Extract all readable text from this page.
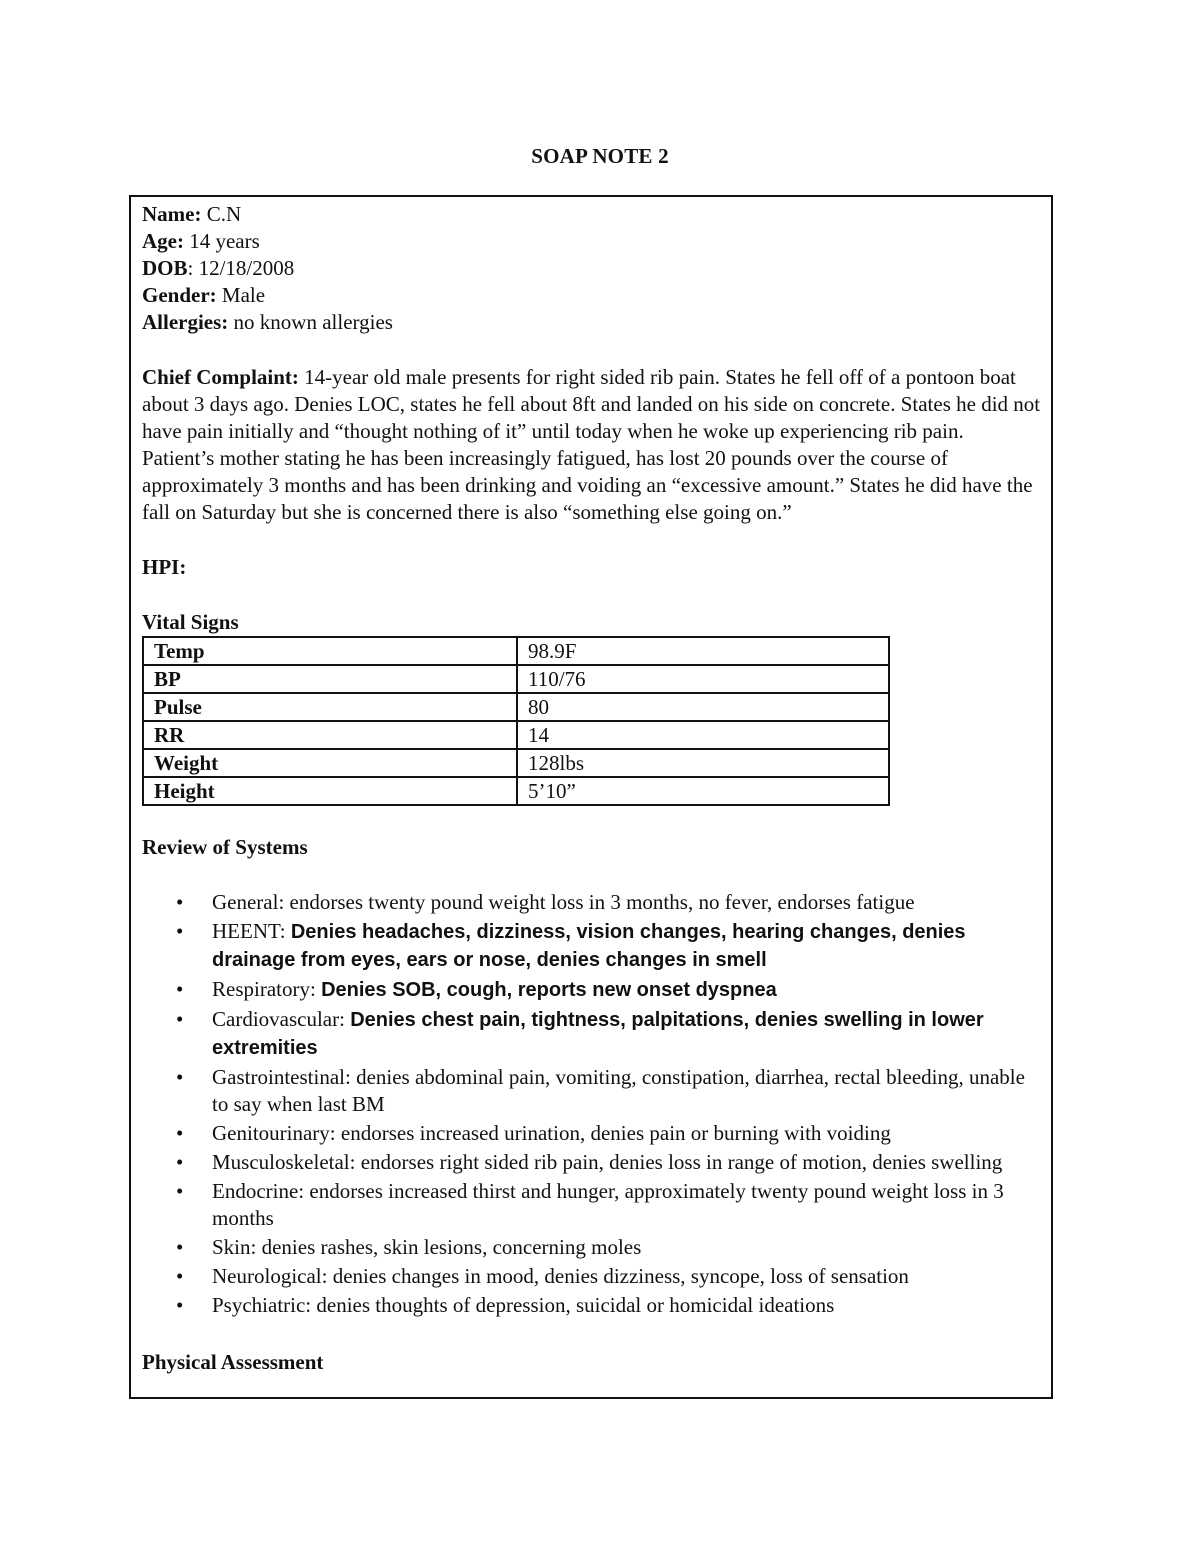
SOAP NOTE 2

Name: C.N

Age: 14 years

DOB: 12/18/2008

Gender: Male

Allergies: no known allergies

Chief Complaint: 14-year old male presents for right sided rib pain. States he fell off of a pontoon boat about 3 days ago. Denies LOC, states he fell about 8ft and landed on his side on concrete. States he did not have pain initially and “thought nothing of it” until today when he woke up experiencing rib pain. Patient’s mother stating he has been increasingly fatigued, has lost 20 pounds over the course of approximately 3 months and has been drinking and voiding an “excessive amount.” States he did have the fall on Saturday but she is concerned there is also “something else going on.”

HPI:

Vital Signs

Temp	98.9F
BP	110/76
Pulse	80
RR	14
Weight	128lbs
Height	5’10”

Review of Systems

• General: endorses twenty pound weight loss in 3 months, no fever, endorses fatigue
• HEENT: Denies headaches, dizziness, vision changes, hearing changes, denies drainage from eyes, ears or nose, denies changes in smell
• Respiratory: Denies SOB, cough, reports new onset dyspnea
• Cardiovascular: Denies chest pain, tightness, palpitations, denies swelling in lower extremities
• Gastrointestinal: denies abdominal pain, vomiting, constipation, diarrhea, rectal bleeding, unable to say when last BM
• Genitourinary: endorses increased urination, denies pain or burning with voiding
• Musculoskeletal: endorses right sided rib pain, denies loss in range of motion, denies swelling
• Endocrine: endorses increased thirst and hunger, approximately twenty pound weight loss in 3 months
• Skin: denies rashes, skin lesions, concerning moles
• Neurological: denies changes in mood, denies dizziness, syncope, loss of sensation
• Psychiatric: denies thoughts of depression, suicidal or homicidal ideations

Physical Assessment
